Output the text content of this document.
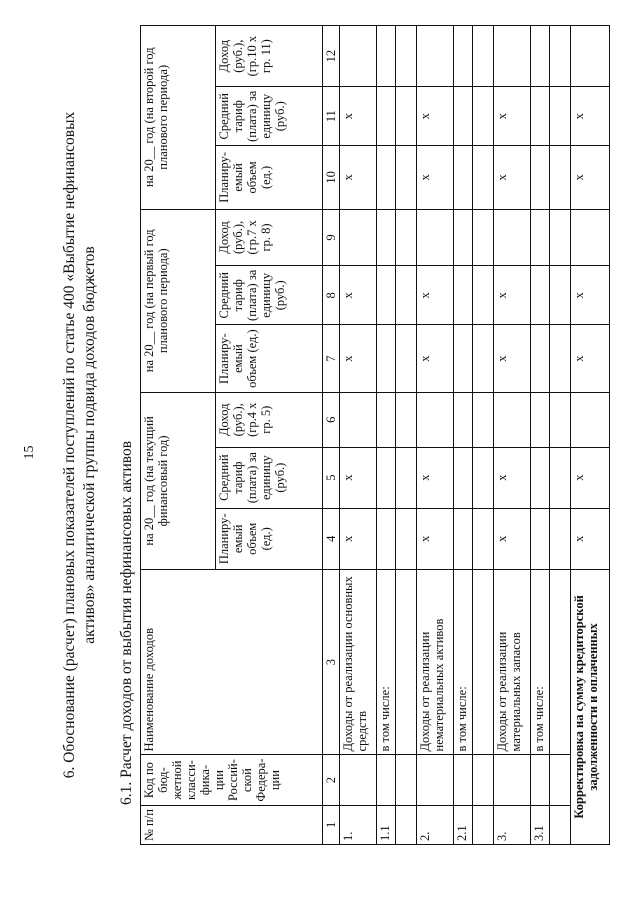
15 6. Обоснование (расчет) плановых показателей поступлений по статье 400 «Выбытие нефинансовых активов» аналитической группы подвида доходов бюджетов 6.1. Расчет доходов от выбытия нефинансовых активов
№ п/п	Код по бюд-жетной класси-фика-ции Россий-ской Федера-ции	Наименование доходов	на 20__ год (на текущий финансовый год)			на 20__ год (на первый год планового периода)			на 20__ год (на второй год планового периода)		
			Планиру-емый объем (ед.)	Средний тариф (плата) за единицу (руб.)	Доход (руб.), (гр.4 х гр. 5)	Планиру-емый объем (ед.)	Средний тариф (плата) за единицу (руб.)	Доход (руб.), (гр.7 х гр. 8)	Планиру-емый объем (ед.)	Средний тариф (плата) за единицу (руб.)	Доход (руб.), (гр.10 х гр. 11)
1	2	3	4	5	6	7	8	9	10	11	12
1.		Доходы от реализации основных средств	х	х		х	х		х	х	
1.1		в том числе:									

2.		Доходы от реализации нематериальных активов	х	х		х	х		х	х	
2.1		в том числе:									

3.		Доходы от реализации материальных запасов	х	х		х	х		х	х	
3.1		в том числе:									

Корректировка на сумму кредиторской задолженности и оплаченных			х	х		х	х		х	х	
